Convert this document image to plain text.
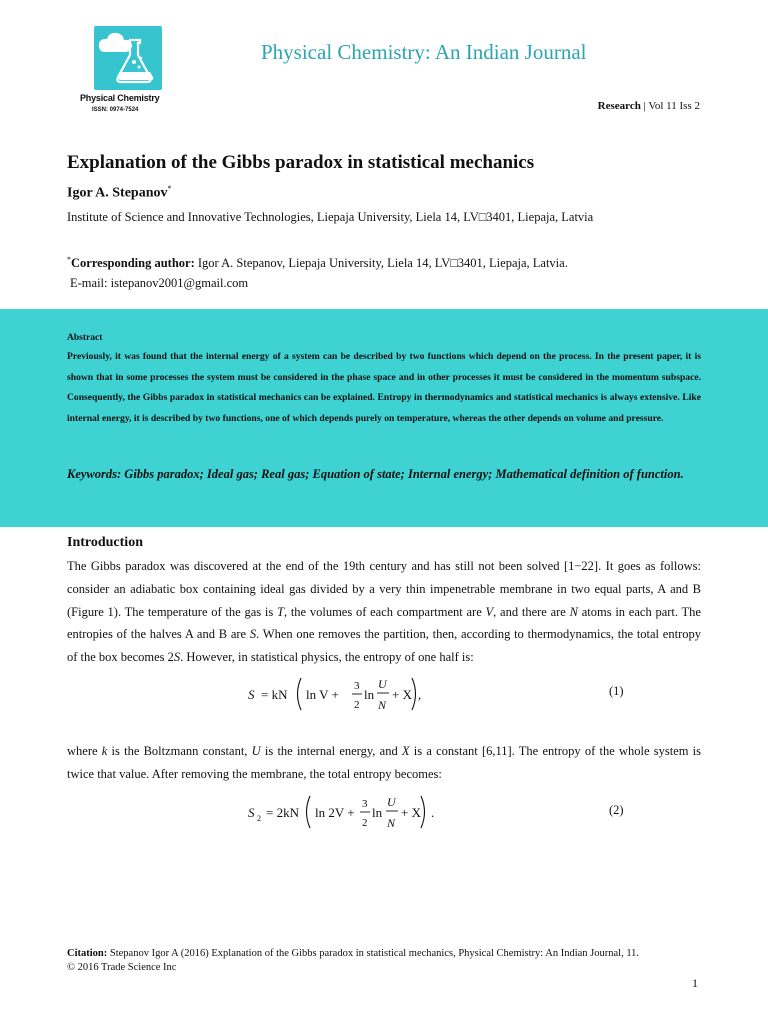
Physical Chemistry
ISSN: 0974-7524
Physical Chemistry: An Indian Journal
Research | Vol 11 Iss 2
Explanation of the Gibbs paradox in statistical mechanics
Igor A. Stepanov*
Institute of Science and Innovative Technologies, Liepaja University, Liela 14, LV□3401, Liepaja, Latvia
*Corresponding author: Igor A. Stepanov, Liepaja University, Liela 14, LV□3401, Liepaja, Latvia.
E-mail: istepanov2001@gmail.com
Abstract
Previously, it was found that the internal energy of a system can be described by two functions which depend on the process. In the present paper, it is shown that in some processes the system must be considered in the phase space and in other processes it must be considered in the momentum subspace. Consequently, the Gibbs paradox in statistical mechanics can be explained. Entropy in thermodynamics and statistical mechanics is always extensive. Like internal energy, it is described by two functions, one of which depends purely on temperature, whereas the other depends on volume and pressure.
Keywords: Gibbs paradox; Ideal gas; Real gas; Equation of state; Internal energy; Mathematical definition of function.
Introduction
The Gibbs paradox was discovered at the end of the 19th century and has still not been solved [1−22]. It goes as follows: consider an adiabatic box containing ideal gas divided by a very thin impenetrable membrane in two equal parts, A and B (Figure 1). The temperature of the gas is T, the volumes of each compartment are V, and there are N atoms in each part. The entropies of the halves A and B are S. When one removes the partition, then, according to thermodynamics, the total entropy of the box becomes 2S. However, in statistical physics, the entropy of one half is:
S = kN ln V +
3
2
ln
U
N
+ X ,	(1)
where k is the Boltzmann constant, U is the internal energy, and X is a constant [6,11]. The entropy of the whole system is twice that value. After removing the membrane, the total entropy becomes:
S 2 = 2kN ln 2V +
3
2
ln
U
N
+ X .	(2)
Citation: Stepanov Igor A (2016) Explanation of the Gibbs paradox in statistical mechanics, Physical Chemistry: An Indian Journal, 11.
© 2016 Trade Science Inc
1
